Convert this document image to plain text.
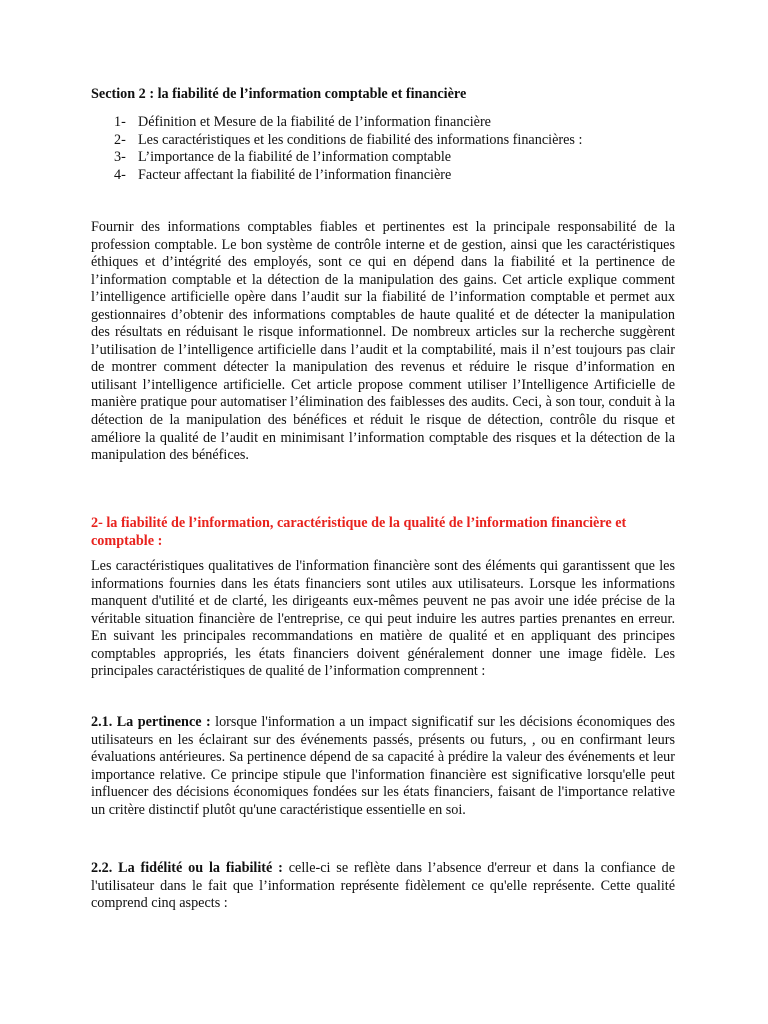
Section 2 : la fiabilité de l’information comptable et financière

1- Définition et Mesure de la fiabilité de l’information financière
2- Les caractéristiques et les conditions de fiabilité des informations financières :
3- L’importance de la fiabilité de l’information comptable
4- Facteur affectant la fiabilité de l’information financière

Fournir des informations comptables fiables et pertinentes est la principale responsabilité de la profession comptable. Le bon système de contrôle interne et de gestion, ainsi que les caractéristiques éthiques et d’intégrité des employés, sont ce qui en dépend dans la fiabilité et la pertinence de l’information comptable et la détection de la manipulation des gains. Cet article explique comment l’intelligence artificielle opère dans l’audit sur la fiabilité de l’information comptable et permet aux gestionnaires d’obtenir des informations comptables de haute qualité et de détecter la manipulation des résultats en réduisant le risque informationnel. De nombreux articles sur la recherche suggèrent l’utilisation de l’intelligence artificielle dans l’audit et la comptabilité, mais il n’est toujours pas clair de montrer comment détecter la manipulation des revenus et réduire le risque d’information en utilisant l’intelligence artificielle. Cet article propose comment utiliser l’Intelligence Artificielle de manière pratique pour automatiser l’élimination des faiblesses des audits. Ceci, à son tour, conduit à la détection de la manipulation des bénéfices et réduit le risque de détection, contrôle du risque et améliore la qualité de l’audit en minimisant l’information comptable des risques et la détection de la manipulation des bénéfices.

2- la fiabilité de l’information, caractéristique de la qualité de l’information financière et comptable :

Les caractéristiques qualitatives de l'information financière sont des éléments qui garantissent que les informations fournies dans les états financiers sont utiles aux utilisateurs. Lorsque les informations manquent d'utilité et de clarté, les dirigeants eux-mêmes peuvent ne pas avoir une idée précise de la véritable situation financière de l'entreprise, ce qui peut induire les autres parties prenantes en erreur. En suivant les principales recommandations en matière de qualité et en appliquant des principes comptables appropriés, les états financiers doivent généralement donner une image fidèle. Les principales caractéristiques de qualité de l’information comprennent :

2.1. La pertinence : lorsque l'information a un impact significatif sur les décisions économiques des utilisateurs en les éclairant sur des événements passés, présents ou futurs, , ou en confirmant leurs évaluations antérieures. Sa pertinence dépend de sa capacité à prédire la valeur des événements et leur importance relative. Ce principe stipule que l'information financière est significative lorsqu'elle peut influencer des décisions économiques fondées sur les états financiers, faisant de l'importance relative un critère distinctif plutôt qu'une caractéristique essentielle en soi.

2.2. La fidélité ou la fiabilité : celle-ci se reflète dans l’absence d'erreur et dans la confiance de l'utilisateur dans le fait que l’information représente fidèlement ce qu'elle représente. Cette qualité comprend cinq aspects :
